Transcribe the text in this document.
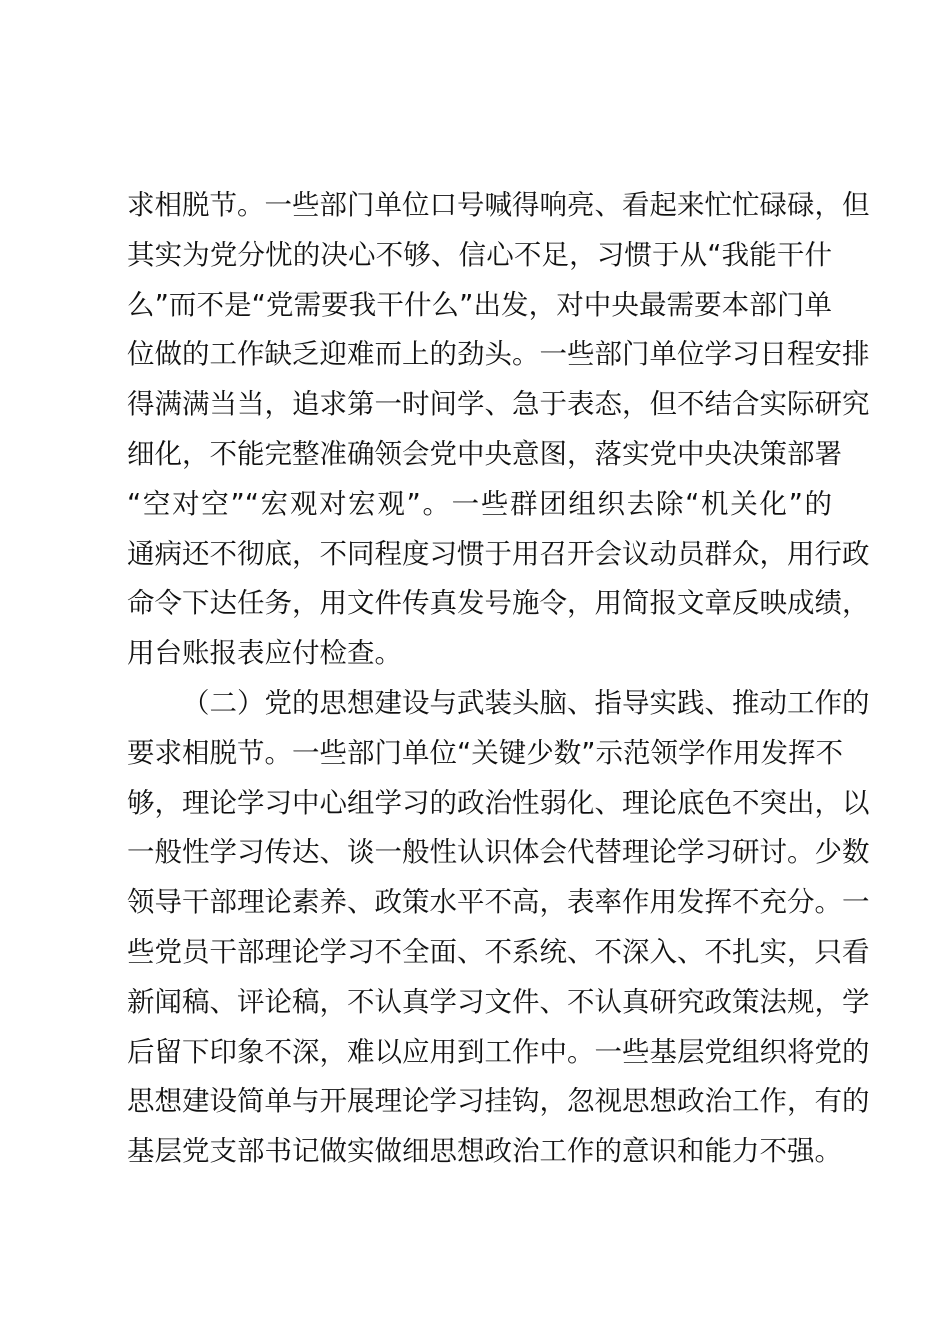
求相脱节。一些部门单位口号喊得响亮、看起来忙忙碌碌，但
其实为党分忧的决心不够、信心不足，习惯于从“我能干什
么”而不是“党需要我干什么”出发，对中央最需要本部门单
位做的工作缺乏迎难而上的劲头。一些部门单位学习日程安排
得满满当当，追求第一时间学、急于表态，但不结合实际研究
细化，不能完整准确领会党中央意图，落实党中央决策部署
“空对空”“宏观对宏观”。一些群团组织去除“机关化”的
通病还不彻底，不同程度习惯于用召开会议动员群众，用行政
命令下达任务，用文件传真发号施令，用简报文章反映成绩，
用台账报表应付检查。
（二）党的思想建设与武装头脑、指导实践、推动工作的
要求相脱节。一些部门单位“关键少数”示范领学作用发挥不
够，理论学习中心组学习的政治性弱化、理论底色不突出，以
一般性学习传达、谈一般性认识体会代替理论学习研讨。少数
领导干部理论素养、政策水平不高，表率作用发挥不充分。一
些党员干部理论学习不全面、不系统、不深入、不扎实，只看
新闻稿、评论稿，不认真学习文件、不认真研究政策法规，学
后留下印象不深，难以应用到工作中。一些基层党组织将党的
思想建设简单与开展理论学习挂钩，忽视思想政治工作，有的
基层党支部书记做实做细思想政治工作的意识和能力不强。
